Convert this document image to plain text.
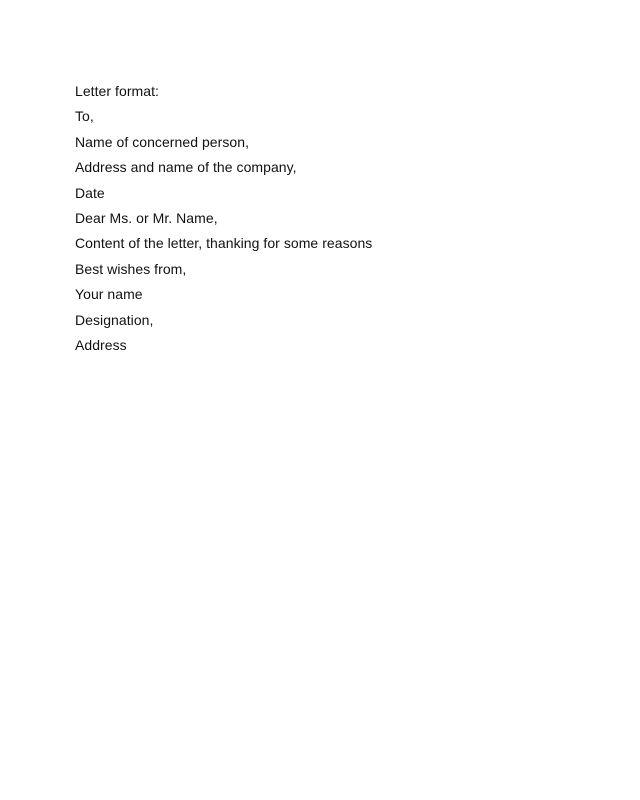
Letter format:

To,

Name of concerned person,

Address and name of the company,

Date

Dear Ms. or Mr. Name,

Content of the letter, thanking for some reasons

Best wishes from,

Your name

Designation,

Address
